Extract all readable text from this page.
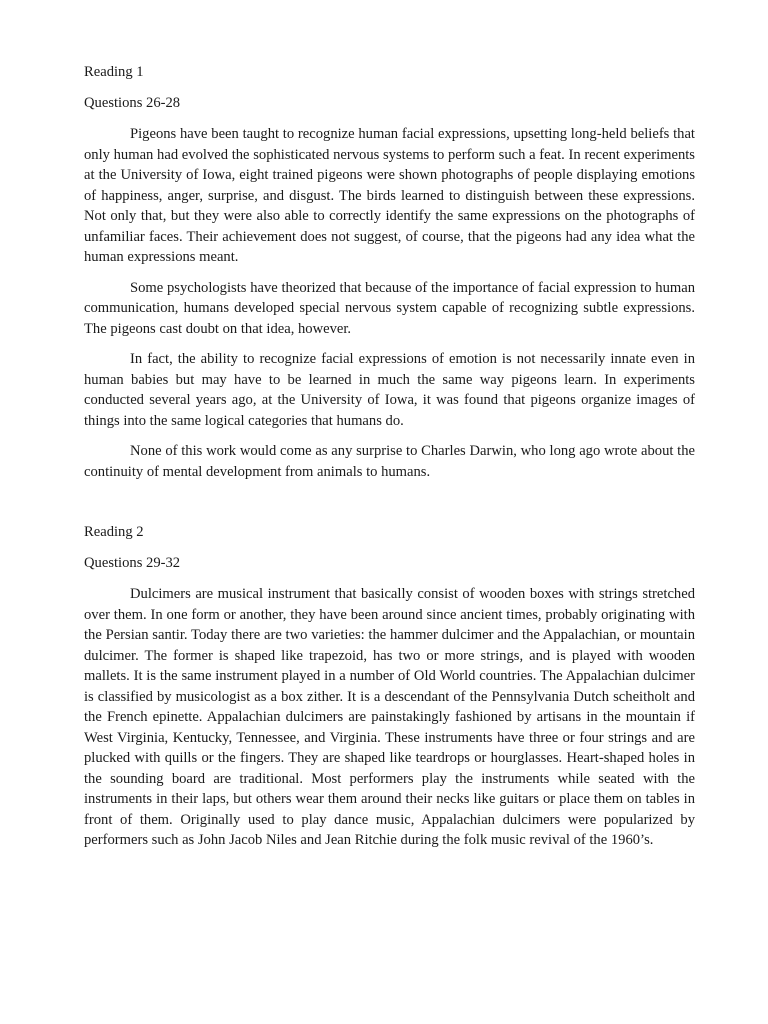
Reading 1

Questions 26-28

Pigeons have been taught to recognize human facial expressions, upsetting long-held beliefs that only human had evolved the sophisticated nervous systems to perform such a feat. In recent experiments at the University of Iowa, eight trained pigeons were shown photographs of people displaying emotions of happiness, anger, surprise, and disgust. The birds learned to distinguish between these expressions. Not only that, but they were also able to correctly identify the same expressions on the photographs of unfamiliar faces. Their achievement does not suggest, of course, that the pigeons had any idea what the human expressions meant.

Some psychologists have theorized that because of the importance of facial expression to human communication, humans developed special nervous system capable of recognizing subtle expressions. The pigeons cast doubt on that idea, however.

In fact, the ability to recognize facial expressions of emotion is not necessarily innate even in human babies but may have to be learned in much the same way pigeons learn. In experiments conducted several years ago, at the University of Iowa, it was found that pigeons organize images of things into the same logical categories that humans do.

None of this work would come as any surprise to Charles Darwin, who long ago wrote about the continuity of mental development from animals to humans.

Reading 2

Questions 29-32

Dulcimers are musical instrument that basically consist of wooden boxes with strings stretched over them. In one form or another, they have been around since ancient times, probably originating with the Persian santir. Today there are two varieties: the hammer dulcimer and the Appalachian, or mountain dulcimer. The former is shaped like trapezoid, has two or more strings, and is played with wooden mallets. It is the same instrument played in a number of Old World countries. The Appalachian dulcimer is classified by musicologist as a box zither. It is a descendant of the Pennsylvania Dutch scheitholt and the French epinette. Appalachian dulcimers are painstakingly fashioned by artisans in the mountain if West Virginia, Kentucky, Tennessee, and Virginia. These instruments have three or four strings and are plucked with quills or the fingers. They are shaped like teardrops or hourglasses. Heart-shaped holes in the sounding board are traditional. Most performers play the instruments while seated with the instruments in their laps, but others wear them around their necks like guitars or place them on tables in front of them. Originally used to play dance music, Appalachian dulcimers were popularized by performers such as John Jacob Niles and Jean Ritchie during the folk music revival of the 1960’s.
